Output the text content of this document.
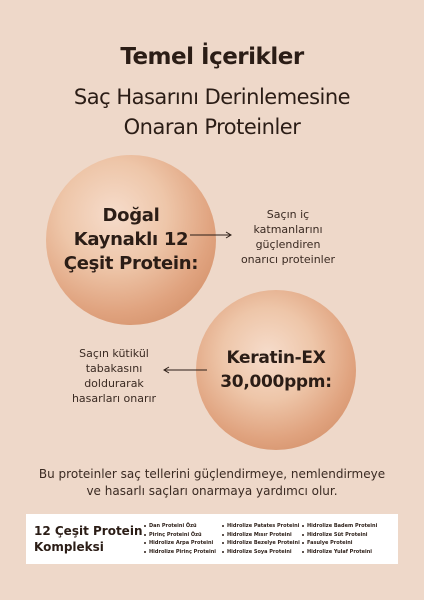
Temel İçerikler
Saç Hasarını Derinlemesine
Onaran Proteinler
Doğal
Kaynaklı 12
Çeşit Protein:
Saçın iç
katmanlarını
güçlendiren
onarıcı proteinler
Keratin-EX
30,000ppm:
Saçın kütikül
tabakasını
doldurarak
hasarları onarır
Bu proteinler saç tellerini güçlendirmeye, nemlendirmeye
ve hasarlı saçları onarmaya yardımcı olur.
12 Çeşit Protein
Kompleksi
Dan Proteini Özü
Pirinç Proteini Özü
Hidrolize Arpa Proteini
Hidrolize Pirinç Proteini
Hidrolize Patates Proteini
Hidrolize Mısır Proteini
Hidrolize Bezelye Proteini
Hidrolize Soya Proteini
Hidrolize Badem Proteini
Hidrolize Süt Proteini
Fasulye Proteini
Hidrolize Yulaf Proteini
